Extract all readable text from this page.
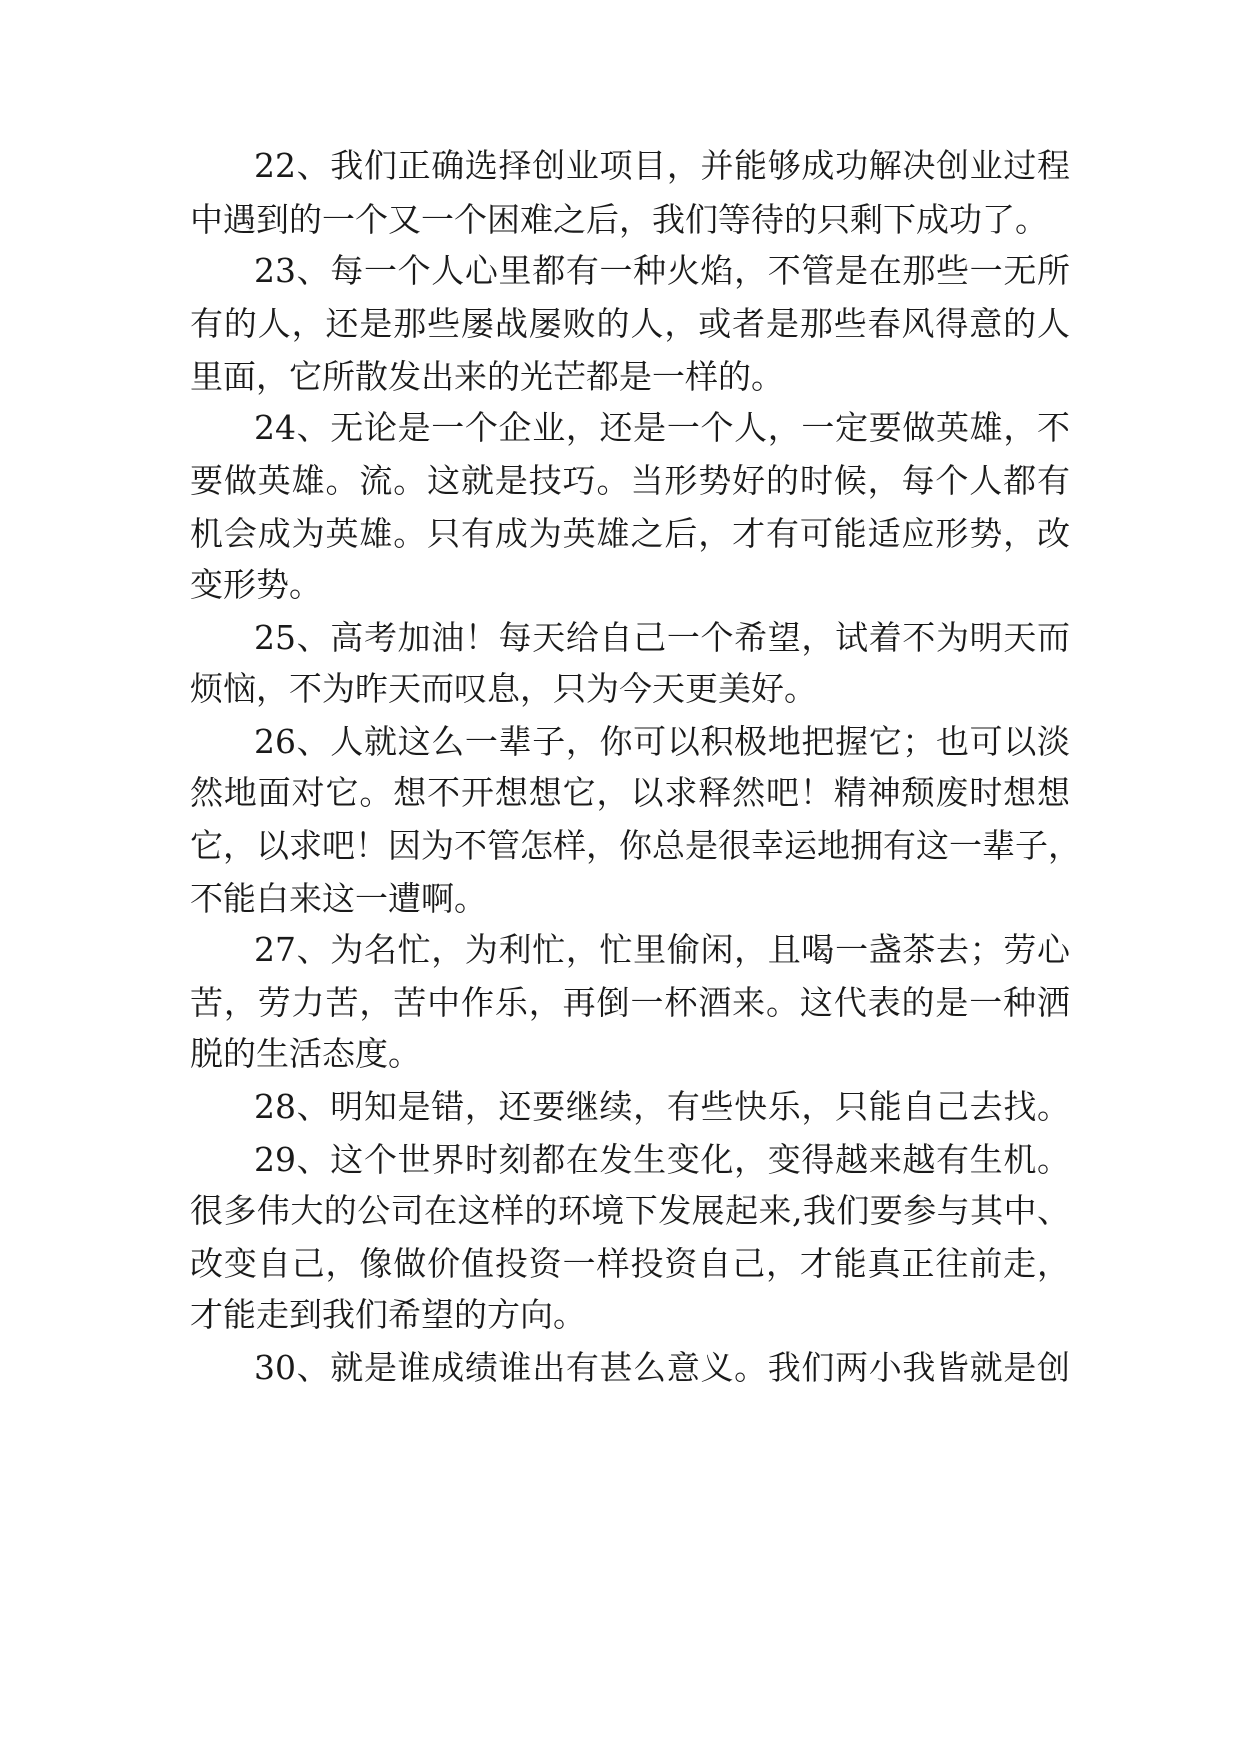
22、我们正确选择创业项目，并能够成功解决创业过程
中遇到的一个又一个困难之后，我们等待的只剩下成功了。
23、每一个人心里都有一种火焰，不管是在那些一无所
有的人，还是那些屡战屡败的人，或者是那些春风得意的人
里面，它所散发出来的光芒都是一样的。
24、无论是一个企业，还是一个人，一定要做英雄，不
要做英雄。流。这就是技巧。当形势好的时候，每个人都有
机会成为英雄。只有成为英雄之后，才有可能适应形势，改
变形势。
25、高考加油！每天给自己一个希望，试着不为明天而
烦恼，不为昨天而叹息，只为今天更美好。
26、人就这么一辈子，你可以积极地把握它；也可以淡
然地面对它。想不开想想它，以求释然吧！精神颓废时想想
它，以求吧！因为不管怎样，你总是很幸运地拥有这一辈子，
不能白来这一遭啊。
27、为名忙，为利忙，忙里偷闲，且喝一盏茶去；劳心
苦，劳力苦，苦中作乐，再倒一杯酒来。这代表的是一种洒
脱的生活态度。
28、明知是错，还要继续，有些快乐，只能自己去找。
29、这个世界时刻都在发生变化，变得越来越有生机。
很多伟大的公司在这样的环境下发展起来,我们要参与其中、
改变自己，像做价值投资一样投资自己，才能真正往前走，
才能走到我们希望的方向。
30、就是谁成绩谁出有甚么意义。我们两小我皆就是创
